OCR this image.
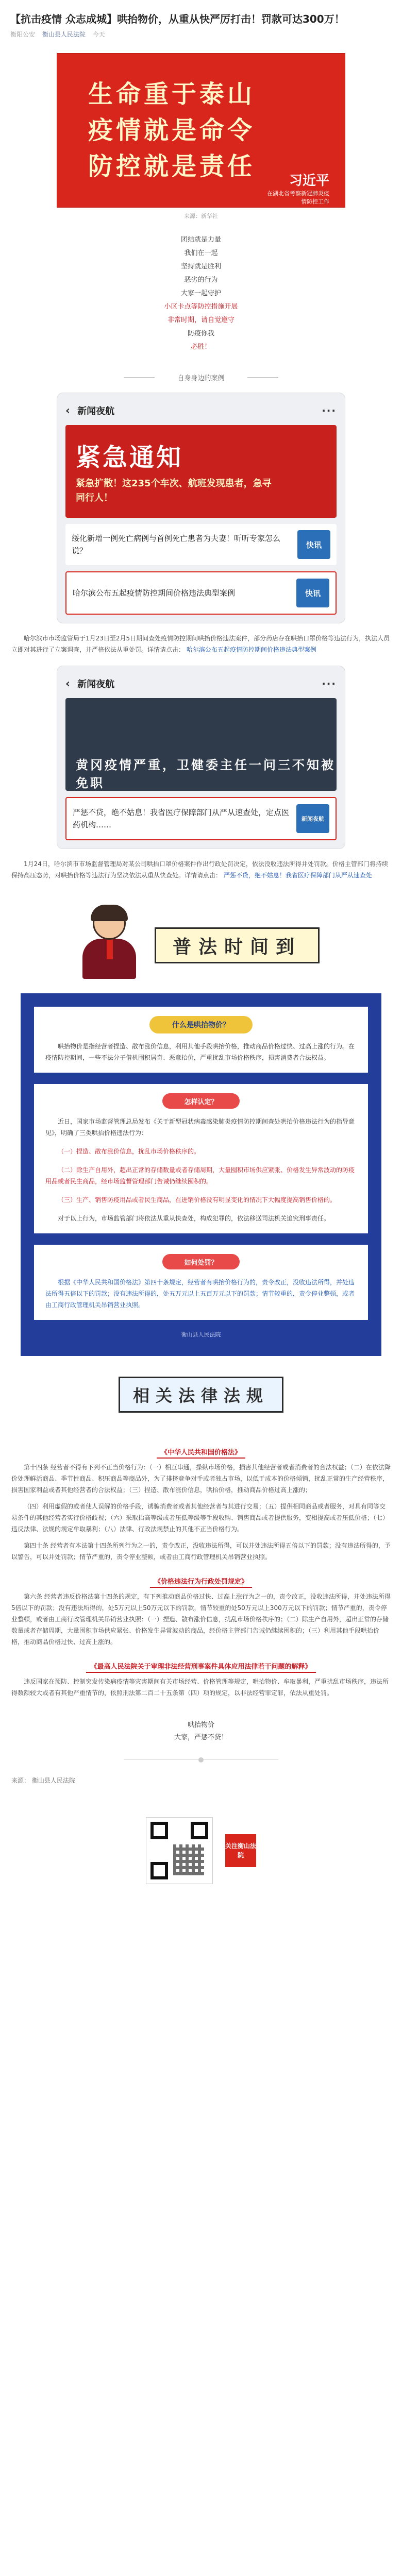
【抗击疫情 众志成城】哄抬物价，从重从快严厉打击！罚款可达300万！
衡阳公安 衡山县人民法院 今天
生命重于泰山
疫情就是命令
防控就是责任	习近平
在湖北省考察新冠肺炎疫情防控工作
来源：新华社

团结就是力量

我们在一起

坚持就是胜利

恶劣的行为

大家一起守护

小区卡点等防控措施开展

非常时期，请自觉遵守

防疫你我

必胜！

自身身边的案例
‹ 新闻夜航	···
紧急通知
紧急扩散！这235个车次、航班发现患者，急寻同行人！
绥化新增一例死亡病例与首例死亡患者为夫妻！听听专家怎么说？
快讯
哈尔滨公布五起疫情防控期间价格违法典型案例	快讯
哈尔滨市市场监管局于1月23日至2月5日期间查处疫情防控期间哄抬价格违法案件，部分药店存在哄抬口罩价格等违法行为，执法人员立即对其进行了立案调查，并严格依法从重处罚。详情请点击： 哈尔滨公布五起疫情防控期间价格违法典型案例
‹ 新闻夜航	···
黄冈疫情严重，卫健委主任一问三不知被免职
严惩不贷，绝不姑息！我省医疗保障部门从严从速查处，定点医药机构……
新闻夜航
1月24日，哈尔滨市市场监督管理局对某公司哄抬口罩价格案件作出行政处罚决定，依法没收违法所得并处罚款。价格主管部门将持续保持高压态势，对哄抬价格等违法行为坚决依法从重从快查处。详情请点击： 严惩不贷，绝不姑息！我省医疗保障部门从严从速查处
普法时间到
什么是哄抬物价？
哄抬物价是指经营者捏造、散布涨价信息，利用其他手段哄抬价格，推动商品价格过快、过高上涨的行为。在疫情防控期间，一些不法分子借机囤积居奇、恶意抬价，严重扰乱市场价格秩序，损害消费者合法权益。
怎样认定？
近日，国家市场监督管理总局发布《关于新型冠状病毒感染肺炎疫情防控期间查处哄抬价格违法行为的指导意见》，明确了三类哄抬价格违法行为：
（一）捏造、散布涨价信息，扰乱市场价格秩序的。
（二）除生产自用外，超出正常的存储数量或者存储周期，大量囤积市场供应紧张、价格发生异常波动的防疫用品或者民生商品，经市场监督管理部门告诫仍继续囤积的。
（三）生产、销售防疫用品或者民生商品，在进销价格没有明显变化的情况下大幅度提高销售价格的。
对于以上行为，市场监管部门将依法从重从快查处，构成犯罪的，依法移送司法机关追究刑事责任。
如何处罚？
根据《中华人民共和国价格法》第四十条规定，经营者有哄抬价格行为的，责令改正，没收违法所得，并处违法所得五倍以下的罚款；没有违法所得的，处五万元以上五百万元以下的罚款；情节较重的，责令停业整顿，或者由工商行政管理机关吊销营业执照。
衡山县人民法院
相关法律法规
《中华人民共和国价格法》
第十四条 经营者不得有下列不正当价格行为：（一）相互串通，操纵市场价格，损害其他经营者或者消费者的合法权益；（二）在依法降价处理鲜活商品、季节性商品、积压商品等商品外，为了排挤竞争对手或者独占市场，以低于成本的价格倾销，扰乱正常的生产经营秩序，损害国家利益或者其他经营者的合法权益；（三）捏造、散布涨价信息，哄抬价格，推动商品价格过高上涨的；
（四）利用虚假的或者使人误解的价格手段，诱骗消费者或者其他经营者与其进行交易；（五）提供相同商品或者服务，对具有同等交易条件的其他经营者实行价格歧视；（六）采取抬高等级或者压低等级等手段收购、销售商品或者提供服务，变相提高或者压低价格；（七）违反法律、法规的规定牟取暴利；（八）法律、行政法规禁止的其他不正当价格行为。
第四十条 经营者有本法第十四条所列行为之一的，责令改正，没收违法所得，可以并处违法所得五倍以下的罚款；没有违法所得的，予以警告，可以并处罚款；情节严重的，责令停业整顿，或者由工商行政管理机关吊销营业执照。
《价格违法行为行政处罚规定》
第六条 经营者违反价格法第十四条的规定，有下列推动商品价格过快、过高上涨行为之一的，责令改正，没收违法所得，并处违法所得5倍以下的罚款；没有违法所得的，处5万元以上50万元以下的罚款，情节较重的处50万元以上300万元以下的罚款；情节严重的，责令停业整顿，或者由工商行政管理机关吊销营业执照：（一）捏造、散布涨价信息，扰乱市场价格秩序的；（二）除生产自用外，超出正常的存储数量或者存储周期，大量囤积市场供应紧张、价格发生异常波动的商品，经价格主管部门告诫仍继续囤积的；（三）利用其他手段哄抬价格，推动商品价格过快、过高上涨的。
《最高人民法院关于审理非法经营刑事案件具体应用法律若干问题的解释》
违反国家在预防、控制突发传染病疫情等灾害期间有关市场经营、价格管理等规定，哄抬物价、牟取暴利，严重扰乱市场秩序，违法所得数额较大或者有其他严重情节的，依照刑法第二百二十五条第（四）项的规定，以非法经营罪定罪，依法从重处罚。

哄抬物价

大家，严惩不贷！

来源： 衡山县人民法院
关注衡山法院
